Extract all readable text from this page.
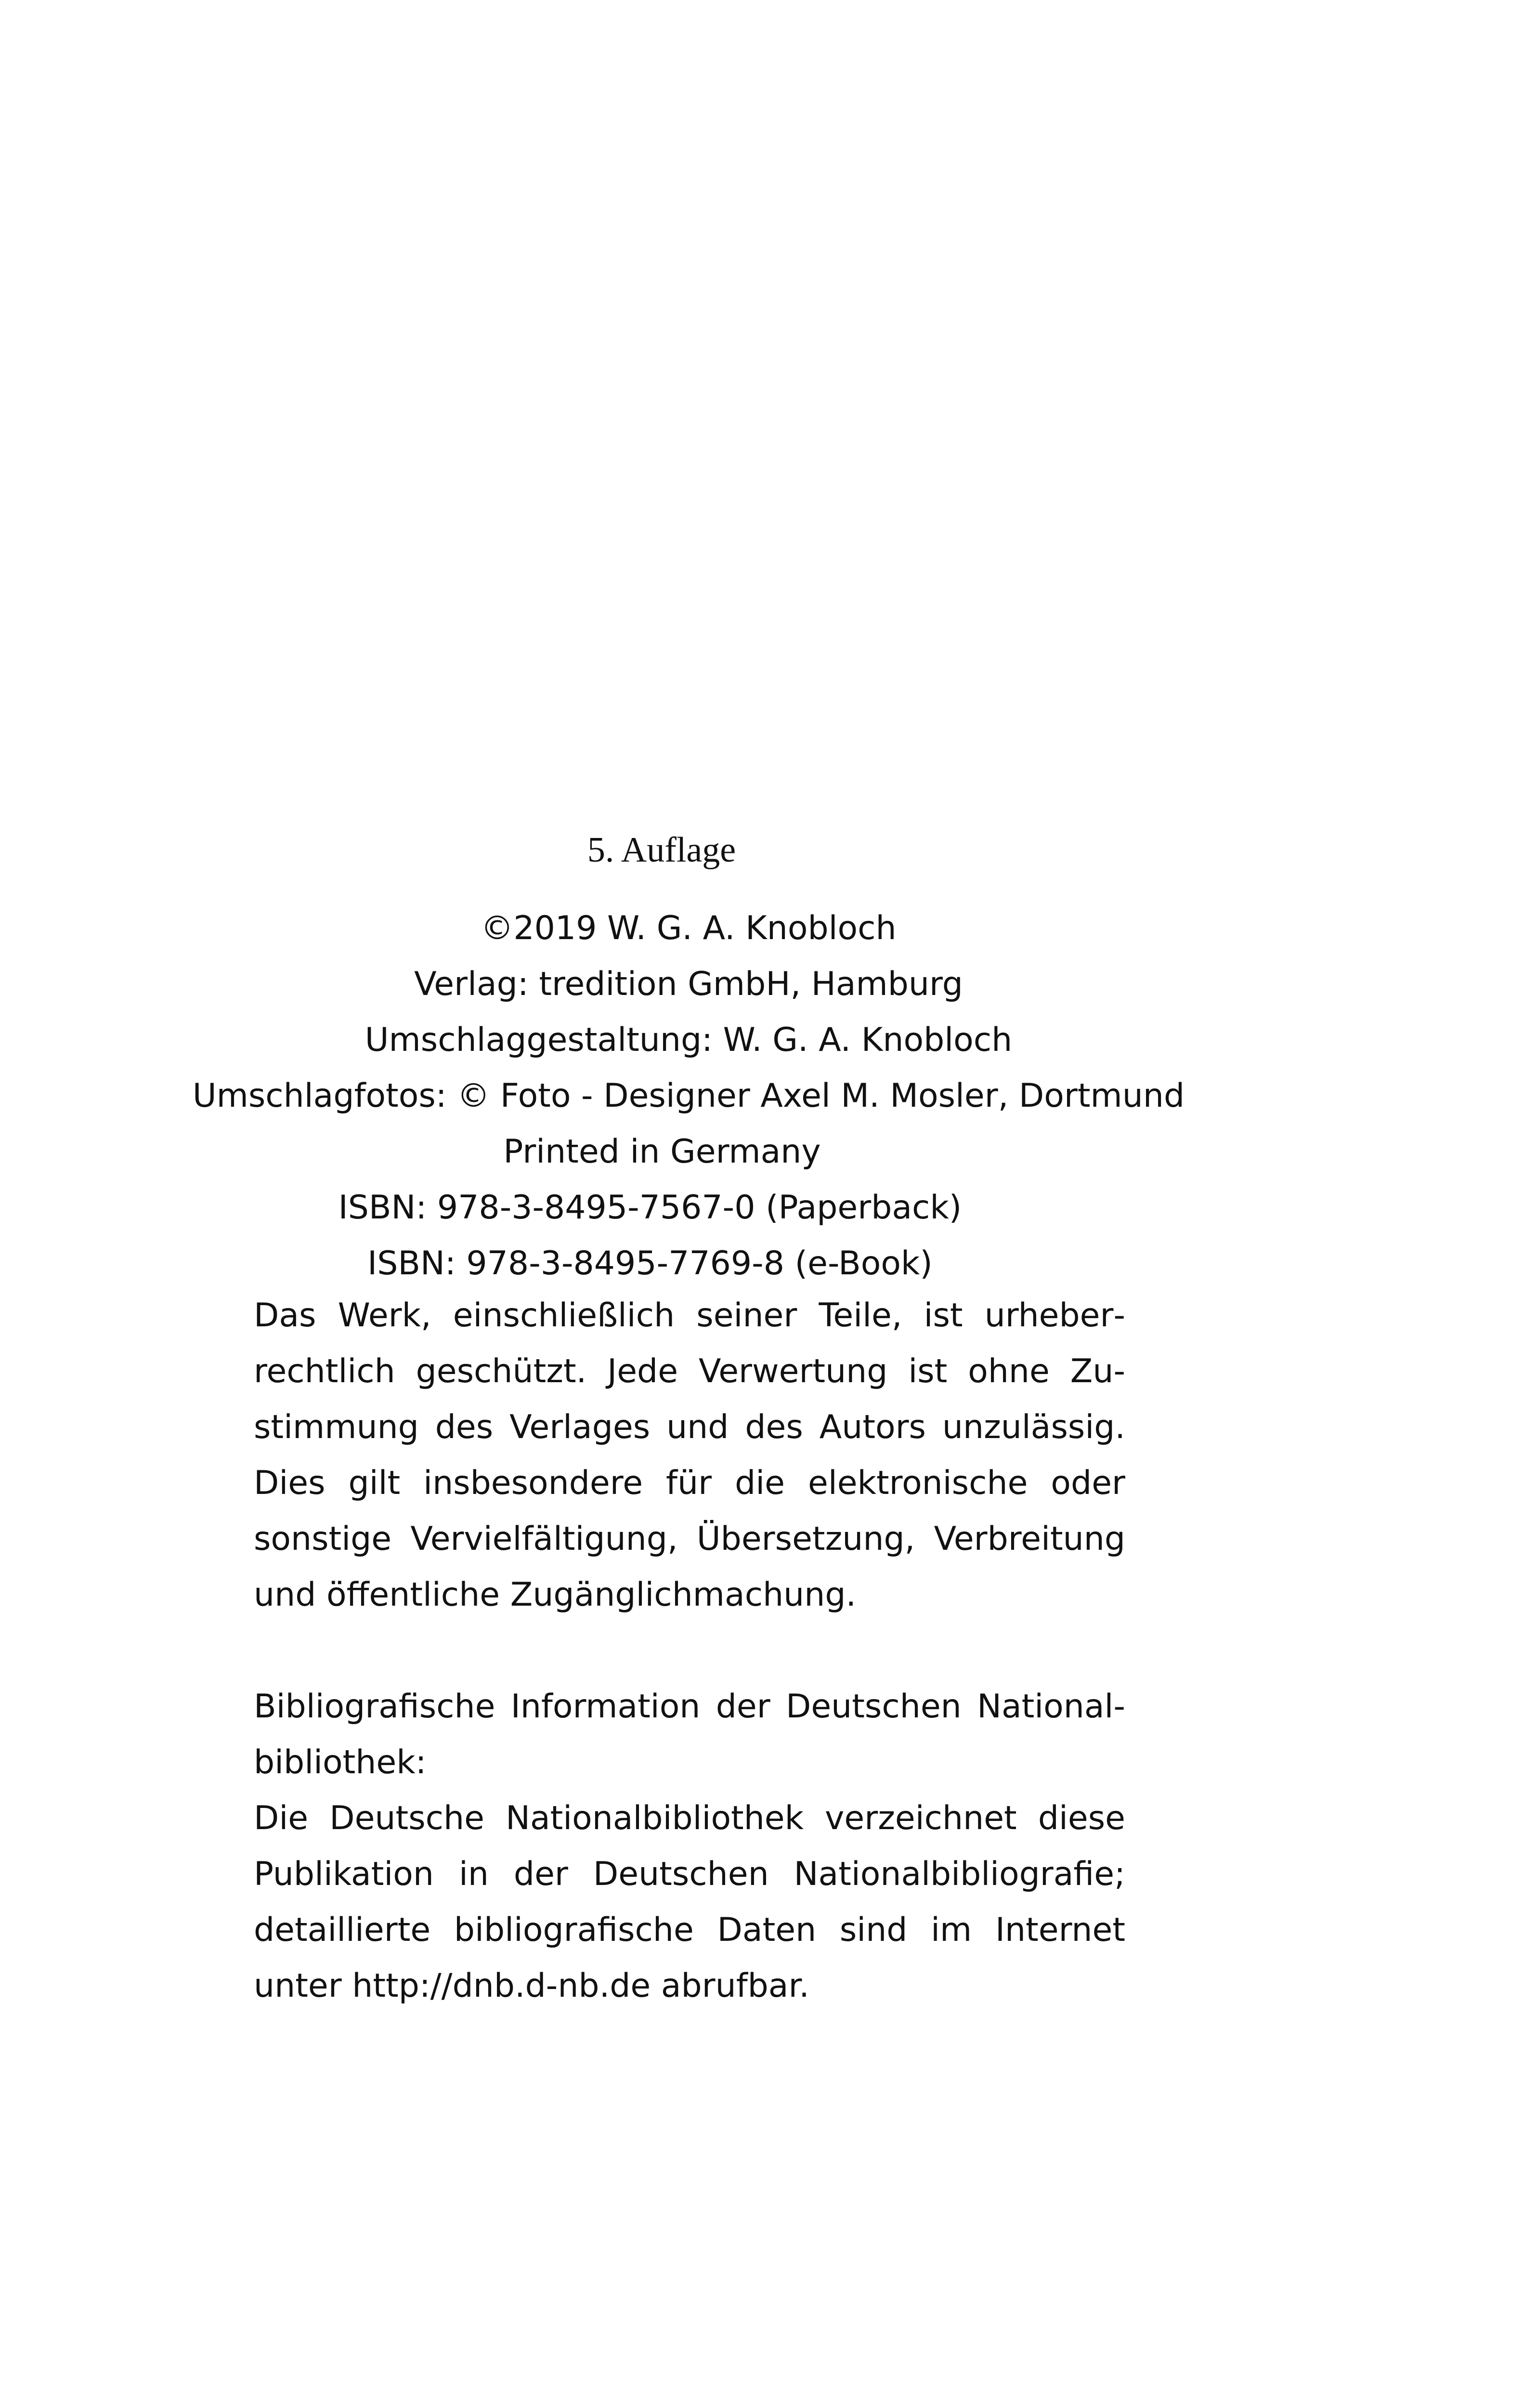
5. Auflage
©2019 W. G. A. Knobloch
Verlag: tredition GmbH, Hamburg
Umschlaggestaltung: W. G. A. Knobloch
Umschlagfotos: © Foto - Designer Axel M. Mosler, Dortmund
Printed in Germany
ISBN: 978-3-8495-7567-0 (Paperback)
ISBN: 978-3-8495-7769-8 (e-Book)

Das Werk, einschließlich seiner Teile, ist urheberrechtlich geschützt. Jede Verwertung ist ohne Zustimmung des Verlages und des Autors unzulässig. Dies gilt insbesondere für die elektronische oder sonstige Vervielfältigung, Übersetzung, Verbreitung und öffentliche Zugänglichmachung.

Bibliografische Information der Deutschen Nationalbibliothek:

Die Deutsche Nationalbibliothek verzeichnet diese Publikation in der Deutschen Nationalbibliografie; detaillierte bibliografische Daten sind im Internet unter http://dnb.d-nb.de abrufbar.
